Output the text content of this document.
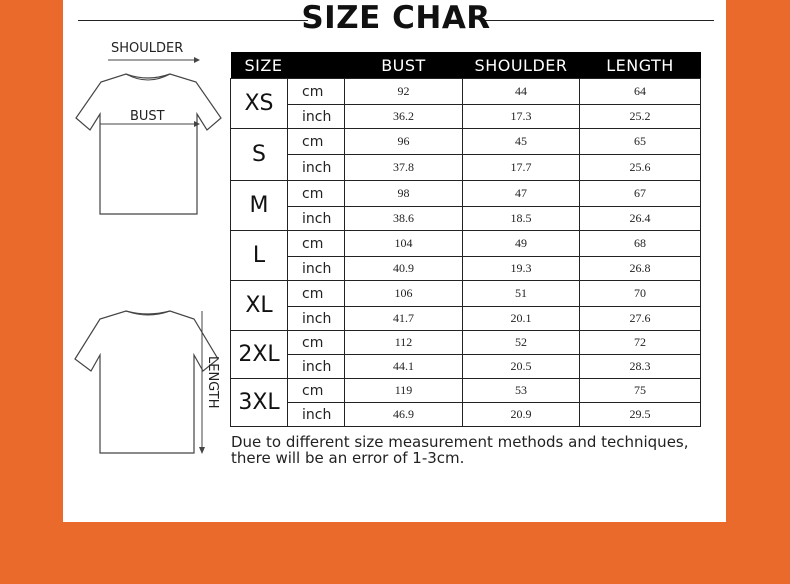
SIZE CHAR
SHOULDER
BUST
LENGTH
SIZE		BUST	SHOULDER	LENGTH
XS	cm	92	44	64
	inch	36.2	17.3	25.2
S	cm	96	45	65
	inch	37.8	17.7	25.6
M	cm	98	47	67
	inch	38.6	18.5	26.4
L	cm	104	49	68
	inch	40.9	19.3	26.8
XL	cm	106	51	70
	inch	41.7	20.1	27.6
2XL	cm	112	52	72
	inch	44.1	20.5	28.3
3XL	cm	119	53	75
	inch	46.9	20.9	29.5
Due to different size measurement methods and techniques, there will be an error of 1-3cm.
